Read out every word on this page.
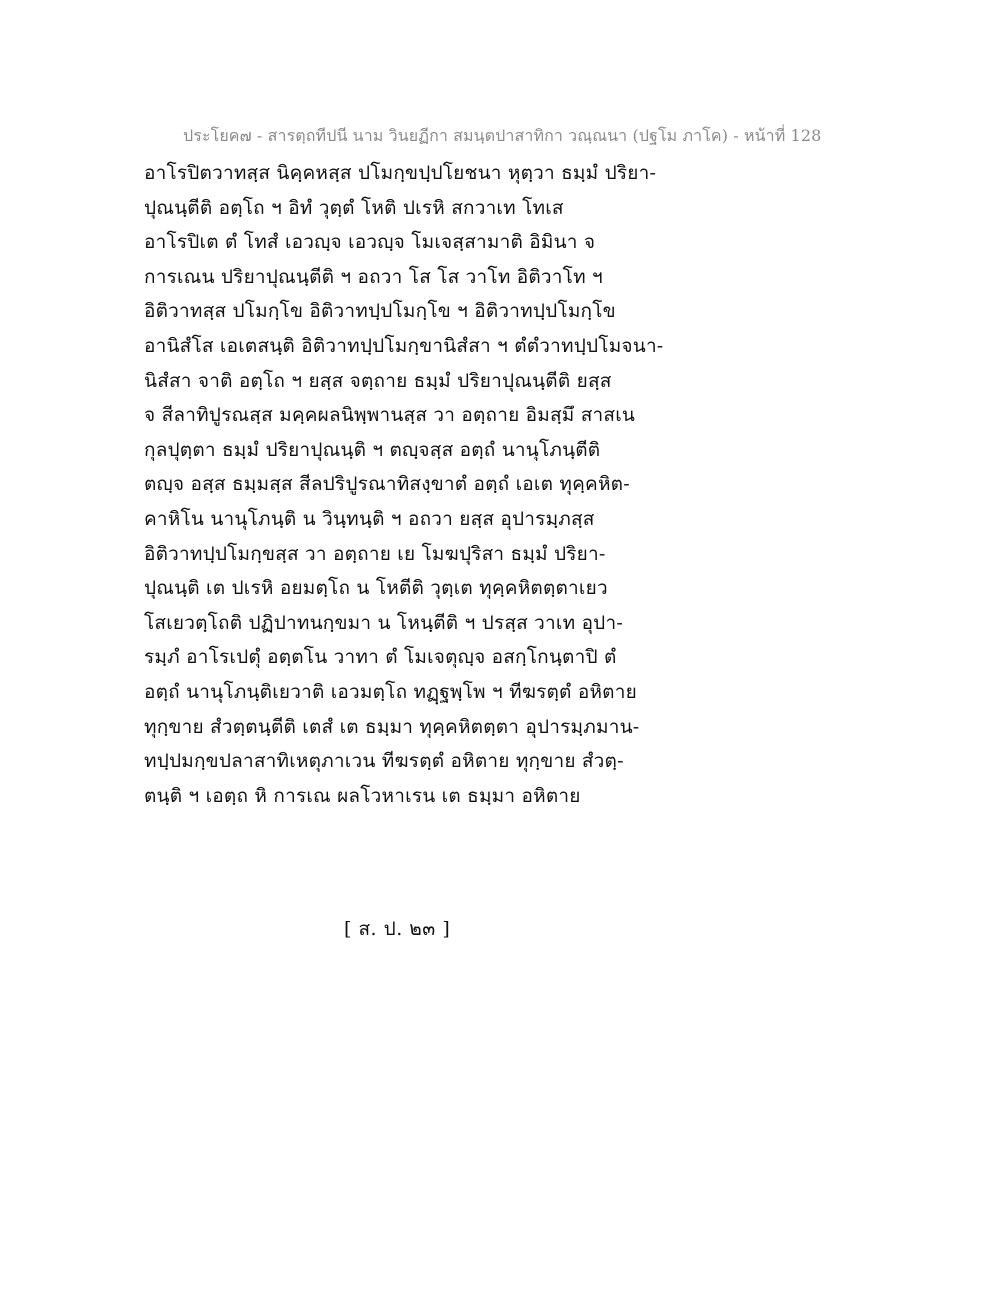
ประโยค๗ - สารตฺถทีปนี นาม วินยฏีกา สมนฺตปาสาทิกา วณฺณนา (ปฐโม ภาโค) - หน้าที่ 128
อาโรปิตวาทสฺส นิคฺคหสฺส ปโมกฺขปฺปโยชนา หุตฺวา ธมฺมํ ปริยา-
ปุณนฺตีติ อตฺโถ ฯ อิทํ วุตฺตํ โหติ ปเรหิ สกวาเท โทเส
อาโรปิเต ตํ โทสํ เอวญฺจ เอวญฺจ โมเจสฺสามาติ อิมินา จ
การเณน ปริยาปุณนฺตีติ ฯ อถวา โส โส วาโท อิติวาโท ฯ
อิติวาทสฺส ปโมกฺโข อิติวาทปฺปโมกฺโข ฯ อิติวาทปฺปโมกฺโข
อานิสํโส เอเตสนฺติ อิติวาทปฺปโมกฺขานิสํสา ฯ ตํตํวาทปฺปโมจนา-
นิสํสา จาติ อตฺโถ ฯ ยสฺส จตฺถาย ธมฺมํ ปริยาปุณนฺตีติ ยสฺส
จ สีลาทิปูรณสฺส มคฺคผลนิพฺพานสฺส วา อตฺถาย อิมสฺมึ สาสเน
กุลปุตฺตา ธมฺมํ ปริยาปุณนฺติ ฯ ตญฺจสฺส อตฺถํ นานุโภนฺตีติ
ตญฺจ อสฺส ธมฺมสฺส สีลปริปูรณาทิสงฺขาตํ อตฺถํ เอเต ทุคฺคหิต-
คาหิโน นานุโภนฺติ น วินฺทนฺติ ฯ อถวา ยสฺส อุปารมฺภสฺส
อิติวาทปฺปโมกฺขสฺส วา อตฺถาย เย โมฆปุริสา ธมฺมํ ปริยา-
ปุณนฺติ เต ปเรหิ อยมตฺโถ น โหตีติ วุตฺเต ทุคฺคหิตตฺตาเยว
โสเยวตฺโถติ ปฏิปาทนกฺขมา น โหนฺตีติ ฯ ปรสฺส วาเท อุปา-
รมฺภํ อาโรเปตุํ อตฺตโน วาทา ตํ โมเจตุญฺจ อสกฺโกนฺตาปิ ตํ
อตฺถํ นานุโภนฺติเยวาติ เอวมตฺโถ ทฏฺฐพฺโพ ฯ ทีฆรตฺตํ อหิตาย
ทุกฺขาย สํวตฺตนฺตีติ เตสํ เต ธมฺมา ทุคฺคหิตตฺตา อุปารมฺภมาน-
ทปฺปมกฺขปลาสาทิเหตุภาเวน ทีฆรตฺตํ อหิตาย ทุกฺขาย สํวตฺ-
ตนฺติ ฯ เอตฺถ หิ การเณ ผลโวหาเรน เต ธมฺมา อหิตาย
[ ส. ป. ๒๓ ]
